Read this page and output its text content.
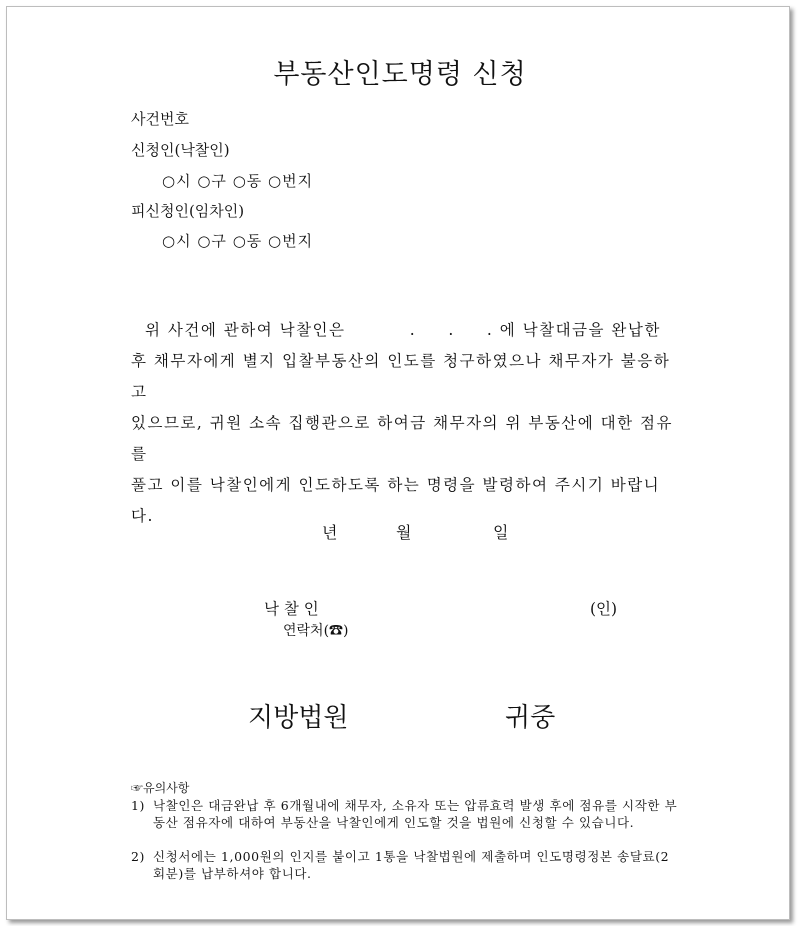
부동산인도명령 신청
사건번호
신청인(낙찰인)
○시 ○구 ○동 ○번지
피신청인(임차인)
○시 ○구 ○동 ○번지

위 사건에 관하여 낙찰인은          .     .     . 에 낙찰대금을 완납한

후 채무자에게 별지 입찰부동산의 인도를 청구하였으나 채무자가 불응하고

있으므로, 귀원 소속 집행관으로 하여금 채무자의 위 부동산에 대한 점유를

풀고 이를 낙찰인에게 인도하도록 하는 명령을 발령하여 주시기 바랍니다.

년	월	일
낙 찰 인	(인)
연락처(☎)
지방법원	귀중
☞유의사항
1) 낙찰인은 대금완납 후 6개월내에 채무자, 소유자 또는 압류효력 발생 후에 점유를 시작한 부동산 점유자에 대하여 부동산을 낙찰인에게 인도할 것을 법원에 신청할 수 있습니다.
2) 신청서에는 1,000원의 인지를 붙이고 1통을 낙찰법원에 제출하며 인도명령정본 송달료(2회분)를 납부하셔야 합니다.
